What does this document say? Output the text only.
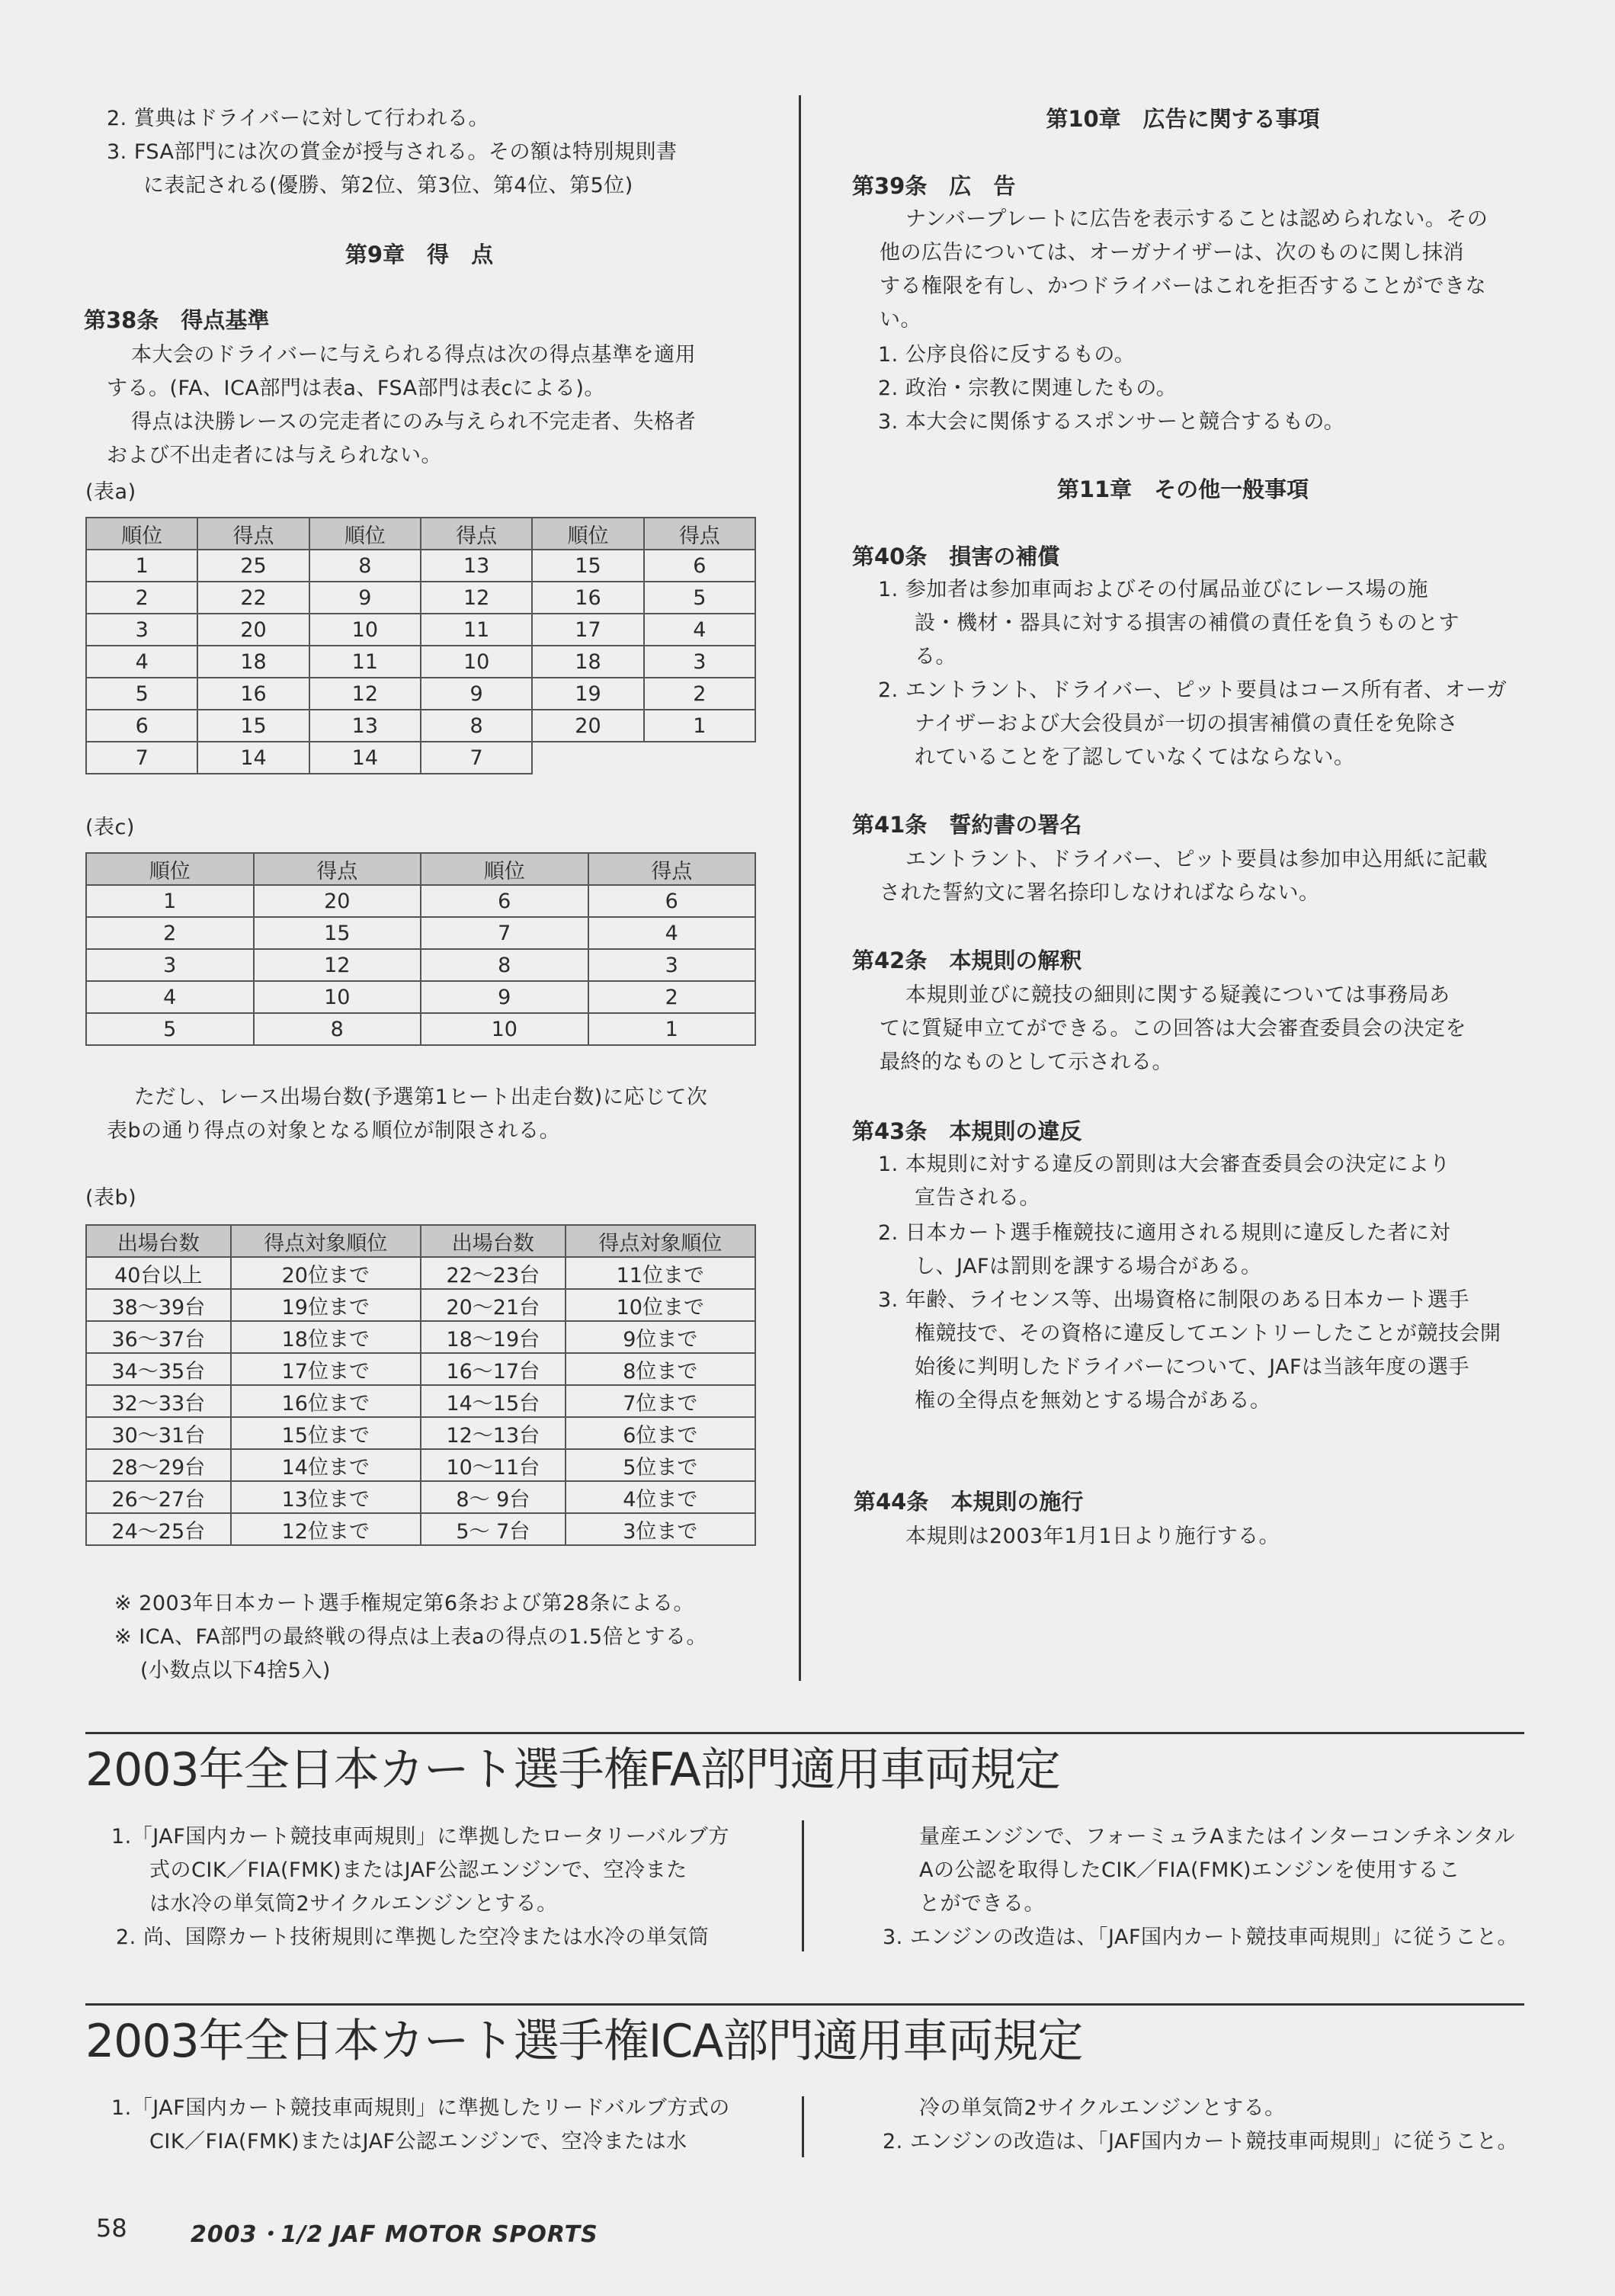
2. 賞典はドライバーに対して行われる。
3. FSA部門には次の賞金が授与される。その額は特別規則書
に表記される(優勝、第2位、第3位、第4位、第5位)
第9章　得　点
第38条　得点基準
本大会のドライバーに与えられる得点は次の得点基準を適用
する。(FA、ICA部門は表a、FSA部門は表cによる)。
得点は決勝レースの完走者にのみ与えられ不完走者、失格者
および不出走者には与えられない。
(表a)
順位	得点	順位	得点	順位	得点
1	25	8	13	15	6
2	22	9	12	16	5
3	20	10	11	17	4
4	18	11	10	18	3
5	16	12	9	19	2
6	15	13	8	20	1
7	14	14	7		
(表c)
順位	得点	順位	得点
1	20	6	6
2	15	7	4
3	12	8	3
4	10	9	2
5	8	10	1
ただし、レース出場台数(予選第1ヒート出走台数)に応じて次
表bの通り得点の対象となる順位が制限される。
(表b)
出場台数	得点対象順位	出場台数	得点対象順位
40台以上	20位まで	22〜23台	11位まで
38〜39台	19位まで	20〜21台	10位まで
36〜37台	18位まで	18〜19台	9位まで
34〜35台	17位まで	16〜17台	8位まで
32〜33台	16位まで	14〜15台	7位まで
30〜31台	15位まで	12〜13台	6位まで
28〜29台	14位まで	10〜11台	5位まで
26〜27台	13位まで	8〜 9台	4位まで
24〜25台	12位まで	5〜 7台	3位まで
※ 2003年日本カート選手権規定第6条および第28条による。
※ ICA、FA部門の最終戦の得点は上表aの得点の1.5倍とする。
(小数点以下4捨5入)
第10章　広告に関する事項
第39条　広　告
ナンバープレートに広告を表示することは認められない。その
他の広告については、オーガナイザーは、次のものに関し抹消
する権限を有し、かつドライバーはこれを拒否することができな
い。
1. 公序良俗に反するもの。
2. 政治・宗教に関連したもの。
3. 本大会に関係するスポンサーと競合するもの。
第11章　その他一般事項
第40条　損害の補償
1. 参加者は参加車両およびその付属品並びにレース場の施
設・機材・器具に対する損害の補償の責任を負うものとす
る。
2. エントラント、ドライバー、ピット要員はコース所有者、オーガ
ナイザーおよび大会役員が一切の損害補償の責任を免除さ
れていることを了認していなくてはならない。
第41条　誓約書の署名
エントラント、ドライバー、ピット要員は参加申込用紙に記載
された誓約文に署名捺印しなければならない。
第42条　本規則の解釈
本規則並びに競技の細則に関する疑義については事務局あ
てに質疑申立てができる。この回答は大会審査委員会の決定を
最終的なものとして示される。
第43条　本規則の違反
1. 本規則に対する違反の罰則は大会審査委員会の決定により
宣告される。
2. 日本カート選手権競技に適用される規則に違反した者に対
し、JAFは罰則を課する場合がある。
3. 年齢、ライセンス等、出場資格に制限のある日本カート選手
権競技で、その資格に違反してエントリーしたことが競技会開
始後に判明したドライバーについて、JAFは当該年度の選手
権の全得点を無効とする場合がある。
第44条　本規則の施行
本規則は2003年1月1日より施行する。
2003年全日本カート選手権FA部門適用車両規定
1.「JAF国内カート競技車両規則」に準拠したロータリーバルブ方
式のCIK／FIA(FMK)またはJAF公認エンジンで、空冷また
は水冷の単気筒2サイクルエンジンとする。
2. 尚、国際カート技術規則に準拠した空冷または水冷の単気筒
量産エンジンで、フォーミュラAまたはインターコンチネンタル
Aの公認を取得したCIK／FIA(FMK)エンジンを使用するこ
とができる。
3. エンジンの改造は、「JAF国内カート競技車両規則」に従うこと。
2003年全日本カート選手権ICA部門適用車両規定
1.「JAF国内カート競技車両規則」に準拠したリードバルブ方式の
CIK／FIA(FMK)またはJAF公認エンジンで、空冷または水
冷の単気筒2サイクルエンジンとする。
2. エンジンの改造は、「JAF国内カート競技車両規則」に従うこと。
58	2003・1/2 JAF MOTOR SPORTS
